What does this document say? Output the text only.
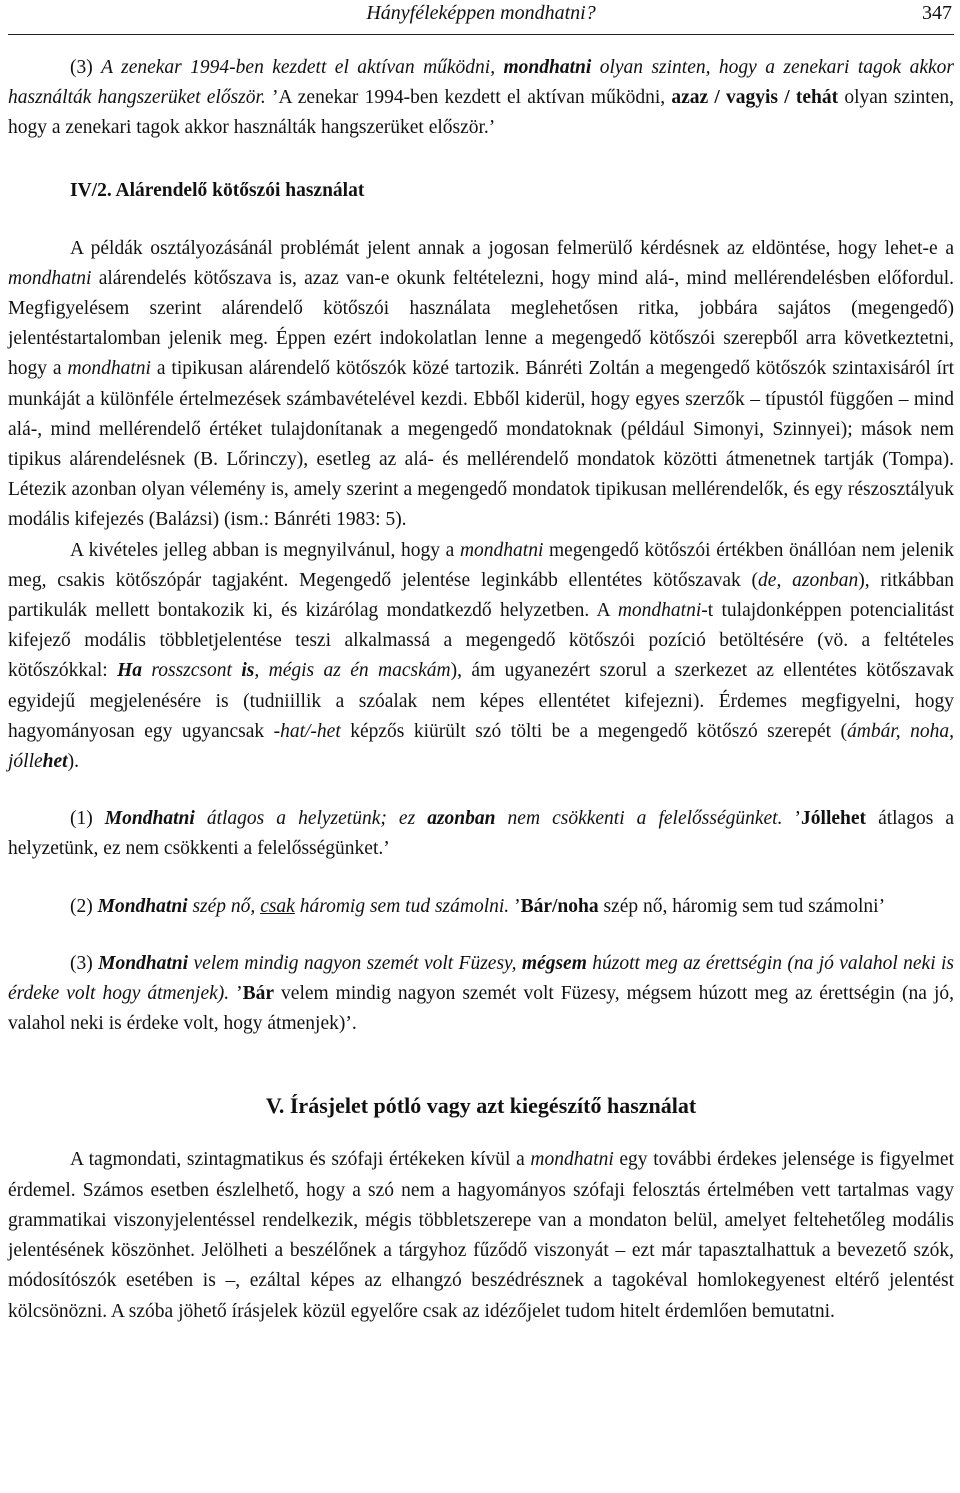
Hányféleképpen mondhatni?	347

(3) A zenekar 1994-ben kezdett el aktívan működni, mondhatni olyan szinten, hogy a zenekari tagok akkor használták hangszerüket először. ’A zenekar 1994-ben kezdett el aktívan működni, azaz / vagyis / tehát olyan szinten, hogy a zenekari tagok akkor használták hangszerüket először.’

IV/2. Alárendelő kötőszói használat

A példák osztályozásánál problémát jelent annak a jogosan felmerülő kérdésnek az eldöntése, hogy lehet-e a mondhatni alárendelés kötőszava is, azaz van-e okunk feltételezni, hogy mind alá-, mind mellérendelésben előfordul. Megfigyelésem szerint alárendelő kötőszói használata meglehetősen ritka, jobbára sajátos (megengedő) jelentéstartalomban jelenik meg. Éppen ezért indokolatlan lenne a megengedő kötőszói szerepből arra következtetni, hogy a mondhatni a tipikusan alárendelő kötőszók közé tartozik. Bánréti Zoltán a megengedő kötőszók szintaxisáról írt munkáját a különféle értelmezések számbavételével kezdi. Ebből kiderül, hogy egyes szerzők – típustól függően – mind alá-, mind mellérendelő értéket tulajdonítanak a megengedő mondatoknak (például Simonyi, Szinnyei); mások nem tipikus alárendelésnek (B. Lőrinczy), esetleg az alá- és mellérendelő mondatok közötti átmenetnek tartják (Tompa). Létezik azonban olyan vélemény is, amely szerint a megengedő mondatok tipikusan mellérendelők, és egy részosztályuk modális kifejezés (Balázsi) (ism.: Bánréti 1983: 5).

A kivételes jelleg abban is megnyilvánul, hogy a mondhatni megengedő kötőszói értékben önállóan nem jelenik meg, csakis kötőszópár tagjaként. Megengedő jelentése leginkább ellentétes kötőszavak (de, azonban), ritkábban partikulák mellett bontakozik ki, és kizárólag mondatkezdő helyzetben. A mondhatni-t tulajdonképpen potencialitást kifejező modális többletjelentése teszi alkalmassá a megengedő kötőszói pozíció betöltésére (vö. a feltételes kötőszókkal: Ha rosszcsont is, mégis az én macskám), ám ugyanezért szorul a szerkezet az ellentétes kötőszavak egyidejű megjelenésére is (tudniillik a szóalak nem képes ellentétet kifejezni). Érdemes megfigyelni, hogy hagyományosan egy ugyancsak -hat/-het képzős kiürült szó tölti be a megengedő kötőszó szerepét (ámbár, noha, jóllehet).

(1) Mondhatni átlagos a helyzetünk; ez azonban nem csökkenti a felelősségünket. ’Jóllehet átlagos a helyzetünk, ez nem csökkenti a felelősségünket.’

(2) Mondhatni szép nő, csak háromig sem tud számolni. ’Bár/noha szép nő, háromig sem tud számolni’

(3) Mondhatni velem mindig nagyon szemét volt Füzesy, mégsem húzott meg az érettségin (na jó valahol neki is érdeke volt hogy átmenjek). ’Bár velem mindig nagyon szemét volt Füzesy, mégsem húzott meg az érettségin (na jó, valahol neki is érdeke volt, hogy átmenjek)’.

V. Írásjelet pótló vagy azt kiegészítő használat

A tagmondati, szintagmatikus és szófaji értékeken kívül a mondhatni egy további érdekes jelensége is figyelmet érdemel. Számos esetben észlelhető, hogy a szó nem a hagyományos szófaji felosztás értelmében vett tartalmas vagy grammatikai viszonyjelentéssel rendelkezik, mégis többletszerepe van a mondaton belül, amelyet feltehetőleg modális jelentésének köszönhet. Jelölheti a beszélőnek a tárgyhoz fűződő viszonyát – ezt már tapasztalhattuk a bevezető szók, módosítószók esetében is –, ezáltal képes az elhangzó beszédrésznek a tagokéval homlokegyenest eltérő jelentést kölcsönözni. A szóba jöhető írásjelek közül egyelőre csak az idézőjelet tudom hitelt érdemlően bemutatni.
